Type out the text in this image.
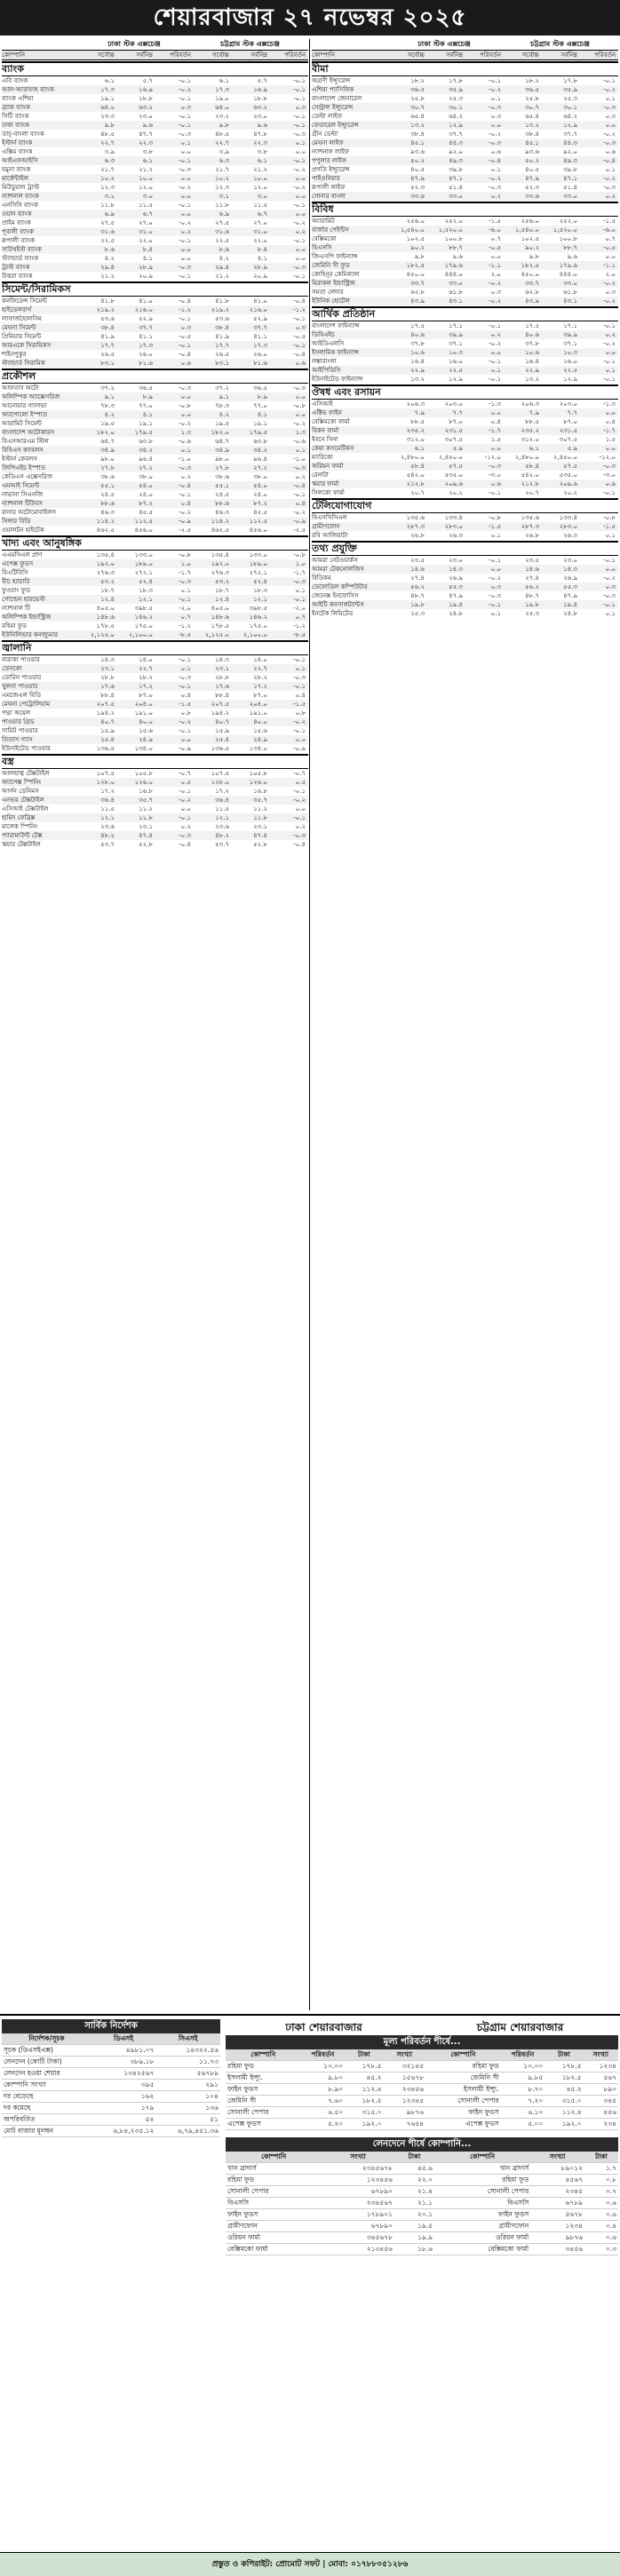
শেয়ারবাজার ২৭ নভেম্বর ২০২৫
ঢাকা স্টক এক্সচেঞ্জ	চট্টগ্রাম স্টক এক্সচেঞ্জ
কোম্পানি	সর্বোচ্চ	সর্বনিম্ন	পরিবর্তন	সর্বোচ্চ	সর্বনিম্ন	পরিবর্তন
ব্যাংক
এবি ব্যাংক	৬.১	৫.৭	-০.১	৬.১	৫.৭	-০.১
আল-আরাফাহ ব্যাংক	১৭.৩	১৬.৯	-০.২	১৭.৩	১৬.৯	-০.১
ব্যাংক এশিয়া	১৯.১	১৮.৮	-০.১	১৯.০	১৮.৮	-০.১
ব্র্যাক ব্যাংক	৬৪.০	৬৩.২	০.৩	৬৪.০	৬৩.২	০.৩
সিটি ব্যাংক	২৩.৩	২৩.০	-০.১	২৩.২	২৩.০	-০.১
ঢাকা ব্যাংক	৯.৮	৯.৬	-০.১	৯.৮	৯.৬	-০.১
ডাচ্-বাংলা ব্যাংক	৪৮.৫	৪৭.৭	-০.৩	৪৮.৫	৪৭.৮	-০.৩
ইস্টার্ন ব্যাংক	২২.৭	২২.৩	০.১	২২.৭	২২.৩	০.১
এক্সিম ব্যাংক	৩.৯	৩.৮	০.০	৩.৯	৩.৮	০.০
আইএফআইসি	৬.৩	৬.১	-০.১	৬.৩	৬.১	-০.১
যমুনা ব্যাংক	২১.৭	২১.২	-০.৩	২১.৭	২১.২	-০.২
মার্কেন্টাইল	১০.২	১০.০	০.০	১০.২	১০.০	০.০
মিউচুয়াল ট্রাস্ট	১২.৩	১২.০	-০.২	১২.৩	১২.০	-০.২
ন্যাশনাল ব্যাংক	৩.১	৩.০	০.০	৩.১	৩.০	০.০
এনসিসি ব্যাংক	১১.৮	১১.৫	-০.১	১১.৮	১১.৫	-০.১
ওয়ান ব্যাংক	৬.৯	৬.৭	০.০	৬.৯	৬.৭	০.০
প্রাইম ব্যাংক	২৭.৫	২৭.০	-০.২	২৭.৫	২৭.০	-০.২
পূবালী ব্যাংক	৩১.৬	৩১.০	০.২	৩১.৬	৩১.০	০.২
রূপালী ব্যাংক	২২.৫	২২.০	-০.১	২২.৫	২২.০	-০.১
সাউথইস্ট ব্যাংক	৮.৬	৮.৪	০.০	৮.৬	৮.৪	০.০
স্ট্যান্ডার্ড ব্যাংক	৪.২	৪.১	০.০	৪.২	৪.১	০.০
ট্রাস্ট ব্যাংক	২৯.৪	২৮.৯	-০.৩	২৯.৪	২৮.৯	-০.৩
উত্তরা ব্যাংক	২১.২	২০.৯	-০.১	২১.২	২০.৯	-০.১
সিমেন্ট/সিরামিকস
কনফিডেন্স সিমেন্ট	৪১.৮	৪১.০	-০.৪	৪১.৮	৪১.০	-০.৪
হাইডেলবার্গ	২১৯.২	২১৬.০	-১.২	২১৯.২	২১৬.০	-১.২
লাফার্জহোলসিম	৫৩.৬	৫২.৯	-০.১	৫৩.৬	৫২.৯	-০.১
মেঘনা সিমেন্ট	৩৮.৪	৩৭.৭	০.৩	৩৮.৪	৩৭.৭	০.৩
প্রিমিয়ার সিমেন্ট	৪১.৯	৪১.১	-০.৫	৪১.৯	৪১.১	-০.৫
আরএকে সিরামিকস	১৭.৭	১৭.৩	-০.১	১৭.৭	১৭.৩	-০.১
শাইনপুকুর	২৬.৫	২৬.০	-০.৪	২৬.৫	২৬.০	-০.৪
স্ট্যান্ডার্ড সিরামিক	৮৩.১	৮১.৬	০.৬	৮৩.১	৮১.৬	০.৬
প্রকৌশল
আফতাব অটো	৩৭.২	৩৬.৫	-০.৩	৩৭.২	৩৬.৫	-০.৩
অলিম্পিক অ্যাক্সেসরিজ	৯.১	৮.৯	০.০	৯.১	৮.৯	০.০
আনোয়ার গ্যালভা	৭৮.৩	৭৭.০	-০.৮	৭৮.৩	৭৭.০	-০.৮
অ্যাপোলো ইস্পাত	৪.২	৪.১	০.০	৪.২	৪.১	০.০
আরামিট সিমেন্ট	১৯.৫	১৯.১	-০.২	১৯.৫	১৯.১	-০.২
বাংলাদেশ অটোকারস	১৮২.০	১৭৯.৫	১.৩	১৮২.০	১৭৯.৫	১.৩
বিএসআরএম স্টিল	৬৪.৭	৬৩.৮	-০.৬	৬৪.৭	৬৩.৮	-০.৬
বিবিএস ক্যাবলস	৩৪.৯	৩৪.২	০.১	৩৪.৯	৩৪.২	০.১
ইস্টার্ন কেবলস	৯৮.০	৯৬.৪	-১.০	৯৮.০	৯৬.৪	-১.০
জিপিএইচ ইস্পাত	২৭.৮	২৭.২	-০.৩	২৭.৮	২৭.২	-০.৩
কেডিএস এক্সেসরিজ	৩৮.৬	৩৮.০	০.২	৩৮.৬	৩৮.০	০.২
এমআই সিমেন্ট	৫৫.১	৫৪.০	-০.৪	৫৫.১	৫৪.০	-০.৪
নাভানা সিএনজি	২৪.৫	২৪.০	-০.১	২৪.৫	২৪.০	-০.১
ন্যাশনাল টিউবস	৮৮.৬	৮৭.২	০.৪	৮৮.৬	৮৭.২	০.৪
রানার অটোমোবাইলস	৪৬.৩	৪৫.৫	-০.২	৪৬.৩	৪৫.৫	-০.২
সিঙ্গার বিডি	১১৪.২	১১২.৫	-০.৯	১১৪.২	১১২.৫	-০.৯
ওয়ালটন হাইটেক	৪৬২.৫	৪৫৬.০	-২.৫	৪৬২.৫	৪৫৬.০	-২.৫
খাদ্য এবং আনুষঙ্গিক
এএমসিএল প্রাণ	১৩৫.৪	১৩৩.০	-০.৮	১৩৫.৪	১৩৩.০	-০.৮
এপেক্স ফুডস	১৯২.০	১৮৯.০	১.০	১৯২.০	১৮৯.০	১.০
বিএটিবিসি	২৭৬.৩	২৭২.১	-১.৭	২৭৬.৩	২৭২.১	-১.৭
বীচ হ্যাচারি	৫৩.২	৫২.৪	-০.৩	৫৩.২	৫২.৪	-০.৩
ফুওয়াং ফুড	১৮.৭	১৮.৩	০.১	১৮.৭	১৮.৩	০.১
গোল্ডেন হারভেস্ট	১২.৪	১২.১	-০.১	১২.৪	১২.১	-০.১
ন্যাশনাল টি	৪০৫.০	৩৯৮.৫	-২.০	৪০৫.০	৩৯৮.৫	-২.০
অলিম্পিক ইন্ডাস্ট্রিজ	১৪৮.৬	১৪৬.২	০.৭	১৪৮.৬	১৪৬.২	০.৭
রহিমা ফুড	১৭৮.৫	১৭৫.০	-১.২	১৭৮.৫	১৭৫.০	-১.২
ইউনিলিভার কনজ্যুমার	২,১২৫.০	২,১০০.০	-৮.৫	২,১২৫.০	২,১০০.০	-৮.৫
জ্বালানি
বারাকা পাওয়ার	১৪.৩	১৪.০	-০.১	১৪.৩	১৪.০	-০.১
ডেসকো	২৩.১	২২.৭	০.১	২৩.১	২২.৭	০.১
ডোরিন পাওয়ার	২৮.৮	২৮.২	-০.৩	২৮.৮	২৮.২	-০.৩
খুলনা পাওয়ার	১৭.৬	১৭.২	-০.১	১৭.৬	১৭.২	-০.১
এমজেএল বিডি	৮৮.৪	৮৭.০	০.৪	৮৮.৪	৮৭.০	০.৪
মেঘনা পেট্রোলিয়াম	২০৭.৫	২০৪.০	-১.৫	২০৭.৫	২০৪.০	-১.৫
পদ্মা অয়েল	১৯৪.২	১৯১.০	০.৮	১৯৪.২	১৯১.০	০.৮
পাওয়ার গ্রিড	৪০.৭	৪০.০	-০.২	৪০.৭	৪০.০	-০.২
সামিট পাওয়ার	১৫.৯	১৫.৬	-০.১	১৫.৯	১৫.৬	-০.১
তিতাস গ্যাস	২৫.৪	২৪.৯	০.০	২৫.৪	২৪.৯	০.০
ইউনাইটেড পাওয়ার	১৩৬.৫	১৩৪.০	-০.৯	১৩৬.৫	১৩৪.০	-০.৯
বস্ত্র
আলহাজ্ব টেক্সটাইল	১০৭.৫	১০৫.৮	-০.৭	১০৭.৫	১০৫.৮	-০.৭
অ্যাপেক্স স্পিনিং	১২৮.০	১২৬.০	০.৫	১২৮.০	১২৬.০	০.৫
আর্গন ডেনিমস	১৭.২	১৬.৮	-০.১	১৭.২	১৬.৮	-০.১
এনভয় টেক্সটাইল	৩৬.৪	৩৫.৭	-০.২	৩৬.৪	৩৫.৭	-০.২
এসিআই টেক্সটাইল	১১.৫	১১.২	০.০	১১.৫	১১.২	০.০
হামিদ ফেব্রিক্স	১২.১	১১.৮	-০.১	১২.১	১১.৮	-০.১
মালেক স্পিনিং	২৩.৬	২৩.১	০.২	২৩.৬	২৩.১	০.২
প্যারামাউন্ট টেক্স	৪৮.২	৪৭.৪	-০.৩	৪৮.২	৪৭.৪	-০.৩
স্কয়ার টেক্সটাইল	৫৩.৭	৫২.৮	-০.৪	৫৩.৭	৫২.৮	-০.৪
ঢাকা স্টক এক্সচেঞ্জ	চট্টগ্রাম স্টক এক্সচেঞ্জ
কোম্পানি	সর্বোচ্চ	সর্বনিম্ন	পরিবর্তন	সর্বোচ্চ	সর্বনিম্ন	পরিবর্তন
বীমা
অগ্রণী ইন্স্যুরেন্স	১৮.২	১৭.৮	-০.১	১৮.২	১৭.৮	-০.১
এশিয়া প্যাসিফিক	৩৬.৫	৩৫.৯	-০.২	৩৬.৫	৩৫.৯	-০.২
বাংলাদেশ জেনারেল	২৫.৮	২৫.৩	০.১	২৫.৮	২৫.৩	০.১
সেন্ট্রাল ইন্স্যুরেন্স	৩০.৭	৩০.১	-০.৩	৩০.৭	৩০.১	-০.৩
ডেল্টা লাইফ	৬৫.৪	৬৪.২	০.৩	৬৫.৪	৬৪.২	০.৩
ফেডারেল ইন্স্যুরেন্স	১৩.২	১২.৯	০.০	১৩.২	১২.৯	০.০
গ্রীন ডেল্টা	৩৮.৪	৩৭.৭	-০.২	৩৮.৪	৩৭.৭	-০.২
মেঘনা লাইফ	৪৫.১	৪৪.৩	-০.৩	৪৫.১	৪৪.৩	-০.৩
ন্যাশনাল লাইফ	৯৩.৬	৯২.০	০.৬	৯৩.৬	৯২.০	০.৬
পপুলার লাইফ	৫০.২	৪৯.৩	-০.৪	৫০.২	৪৯.৩	-০.৪
প্রগতি ইন্স্যুরেন্স	৪০.৫	৩৯.৮	০.১	৪০.৫	৩৯.৮	০.১
পাইওনিয়ার	৪৭.৯	৪৭.১	-০.২	৪৭.৯	৪৭.১	-০.২
রূপালী লাইফ	৫২.৩	৫১.৪	-০.৩	৫২.৩	৫১.৪	-০.৩
সোনার বাংলা	৩৩.৬	৩৩.০	০.২	৩৩.৬	৩৩.০	০.২
বিবিধ
অ্যারামিট	২৫৬.০	২৫২.০	-১.৫	২৫৬.০	২৫২.০	-১.৫
বার্জার পেইন্টস	১,৫৪০.০	১,৫২০.০	-৬.০	১,৫৪০.০	১,৫২০.০	-৬.০
বেক্সিমকো	১০২.৫	১০০.৮	০.৭	১০২.৫	১০০.৮	০.৭
বিএসসি	৯০.২	৮৮.৭	-০.৫	৯০.২	৮৮.৭	-০.৫
জিএসপি ফাইন্যান্স	৯.৮	৯.৬	০.০	৯.৮	৯.৬	০.০
জেমিনি সী ফুড	১৮২.৫	১৭৯.৬	-১.১	১৮২.৫	১৭৯.৬	-১.১
কোহিনূর কেমিক্যাল	৪৫০.০	৪৪৪.০	২.০	৪৫০.০	৪৪৪.০	২.০
মিরাকল ইন্ডাস্ট্রিজ	৩৩.৭	৩৩.০	-০.২	৩৩.৭	৩৩.০	-০.২
সমতা লেদার	৬২.৮	৬১.৮	০.৩	৬২.৮	৬১.৮	০.৩
ইউনিক হোটেল	৪৩.৯	৪৩.১	-০.২	৪৩.৯	৪৩.১	-০.২
আর্থিক প্রতিষ্ঠান
বাংলাদেশ ফাইন্যান্স	১৭.৫	১৭.১	-০.১	১৭.৫	১৭.১	-০.১
ডিবিএইচ	৪০.৬	৩৯.৯	০.২	৪০.৬	৩৯.৯	০.২
আইডিএলসি	৩৭.৮	৩৭.১	-০.২	৩৭.৮	৩৭.১	-০.২
ইসলামিক ফাইন্যান্স	১০.৬	১০.৩	০.০	১০.৬	১০.৩	০.০
লঙ্কাবাংলা	১৬.৪	১৬.০	-০.১	১৬.৪	১৬.০	-০.১
আইপিডিসি	২২.৯	২২.৫	০.১	২২.৯	২২.৫	০.১
ইউনাইটেড ফাইন্যান্স	১৩.২	১২.৯	-০.১	১৩.২	১২.৯	-০.১
ঔষধ এবং রসায়ন
এসিআই	২০৬.৩	২০৩.০	-১.৩	২০৬.৩	২০৩.০	-১.৩
এক্টিভ ফাইন	৭.৯	৭.৭	০.০	৭.৯	৭.৭	০.০
বেক্সিমকো ফার্মা	৮৮.৫	৮৭.০	০.৪	৮৮.৫	৮৭.০	০.৪
বিকন ফার্মা	২৩৫.২	২৩১.৫	-১.৭	২৩৫.২	২৩১.৫	-১.৭
ইবনে সিনা	৩১২.০	৩০৭.৫	১.৫	৩১২.০	৩০৭.৫	১.৫
কেয়া কসমেটিকস	৬.১	৫.৯	০.০	৬.১	৫.৯	০.০
ম্যারিকো	২,৪৮০.০	২,৪৫০.০	-১২.০	২,৪৮০.০	২,৪৫০.০	-১২.০
অরিয়ন ফার্মা	৫৮.৪	৫৭.৫	-০.৩	৫৮.৪	৫৭.৫	-০.৩
রেনাটা	৫৪২.০	৫৩৫.০	-৩.০	৫৪২.০	৫৩৫.০	-৩.০
স্কয়ার ফার্মা	২১২.৮	২০৯.৬	০.৬	২১২.৮	২০৯.৬	০.৬
সিলকো ফার্মা	২০.৭	২০.২	-০.১	২০.৭	২০.২	-০.১
টেলিযোগাযোগ
বিএসসিসিএল	১৩৫.৬	১৩৩.৪	-০.৮	১৩৫.৬	১৩৩.৪	-০.৮
গ্রামীণফোন	২৮৭.৩	২৮৩.০	-১.৫	২৮৭.৩	২৮৩.০	-১.৫
রবি আজিয়াটা	২৬.৮	২৬.৩	০.১	২৬.৮	২৬.৩	০.১
তথ্য প্রযুক্তি
আমরা নেটওয়ার্কস	২৩.৫	২৩.০	-০.১	২৩.৫	২৩.০	-০.১
আমরা টেকনোলজিস	১৪.৬	১৪.৩	০.০	১৪.৬	১৪.৩	০.০
বিডিকম	২৭.৪	২৬.৯	-০.২	২৭.৪	২৬.৯	-০.২
ডেফোডিল কম্পিউটার	৫৬.২	৫৫.৩	০.৩	৫৬.২	৫৫.৩	০.৩
জেনেক্স ইনফোসিস	৪৮.৭	৪৭.৯	-০.৩	৪৮.৭	৪৭.৯	-০.৩
আইটি কনসালট্যান্টস	১৯.৮	১৯.৪	-০.১	১৯.৮	১৯.৪	-০.১
ইনটেক লিমিটেড	২৫.৩	২৪.৮	০.১	২৫.৩	২৪.৮	০.১
সার্বিক নির্দেশক
নির্দেশক/সূচক	ডিএসই	সিএসই
সূচক (ডিএসইএক্স)	৪৯৮১.০৭	১৪৩২২.৫৬
লেনদেন (কোটি টাকা)	৩৮৯.১৮	১১.৭৩
লেনদেন হওয়া শেয়ার	১৩৪২৫৬৭	৫৬৭৮৯
কোম্পানি সংখ্যা	৩৯৫	২৯১
দর বেড়েছে	১৬২	১০৪
দর কমেছে	১৭৯	১৩৬
অপরিবর্তিত	৫৪	৫১
মোট বাজার মূলধন	৬,৮৪,২৩৫.১২	৬,৭৯,৪৫১.৩৬
ঢাকা শেয়ারবাজার	চট্টগ্রাম শেয়ারবাজার
মূল্য পরিবর্তন শীর্ষে...
কোম্পানি	পরিবর্তন	টাকা	সংখ্যা	কোম্পানি	পরিবর্তন	টাকা	সংখ্যা
রহিমা ফুড	১০.০০	১৭৮.৫	৩২১৪৫	রহিমা ফুড	১০.০০	১৭৮.৫	১২৩৪
ইসলামী ইন্স্যু.	৯.৮০	৪৫.২	১৫৬৭৮	জেমিনি সী	৯.৮৫	১৮২.৫	৫৬৭
ফাইন ফুডস	৮.৯০	১১২.৪	২৩৪৫৬	ইসলামী ইন্স্যু.	৮.৭০	৪৫.২	৮৯০
জেমিনি সী	৭.৬০	১৮২.৫	১২৩৪৫	সোনালী পেপার	৭.২০	৩১৫.০	৩৪৫
সোনালী পেপার	৬.৫০	৩১৫.০	৯৮৭৬	ফাইন ফুডস	৬.১০	১১২.৪	৪৫৬
এপেক্স ফুডস	৫.২০	১৯২.০	৭৬৫৪	এপেক্স ফুডস	৫.০০	১৯২.০	২৩৪
লেনদেনে শীর্ষে কোম্পানি...
কোম্পানি	সংখ্যা	টাকা	কোম্পানি	সংখ্যা	টাকা
খান ব্রাদার্স	২৩৪৫৬৭৮	৪৫.৬	খান ব্রাদার্স	৮৯০১২	১.৭
রহিমা ফুড	১২৩৪৫৬	২২.০	রহিমা ফুড	৪৫৬৭	০.৮
সোনালী পেপার	৬৭৮৯০	২১.৪	সোনালী পেপার	২৩৪৫	০.৭
বিএসসি	২৩৪৫৬৭	২১.১	বিএসসি	৬৭৮৯	০.৬
ফাইন ফুডস	১৭৮৯০১	২০.১	ফাইন ফুডস	৫৬৭৮	০.৬
গ্রামীণফোন	৬৭৮৯০	১৯.৫	গ্রামীণফোন	১২৩৪	০.৪
ওরিয়ন ফার্মা	৩৪৫৬৭৮	১৯.৯	ওরিয়ন ফার্মা	৯৮৭৬	০.৬
বেক্সিমকো ফার্মা	২১৩৪৫৬	১৮.৬	বেক্সিমকো ফার্মা	৩৪৫৬	০.৩
প্রস্তুত ও কপিরাইট: প্রোমোট সফট | মোবা: ০১৭৮৮০৫১২৮৬
